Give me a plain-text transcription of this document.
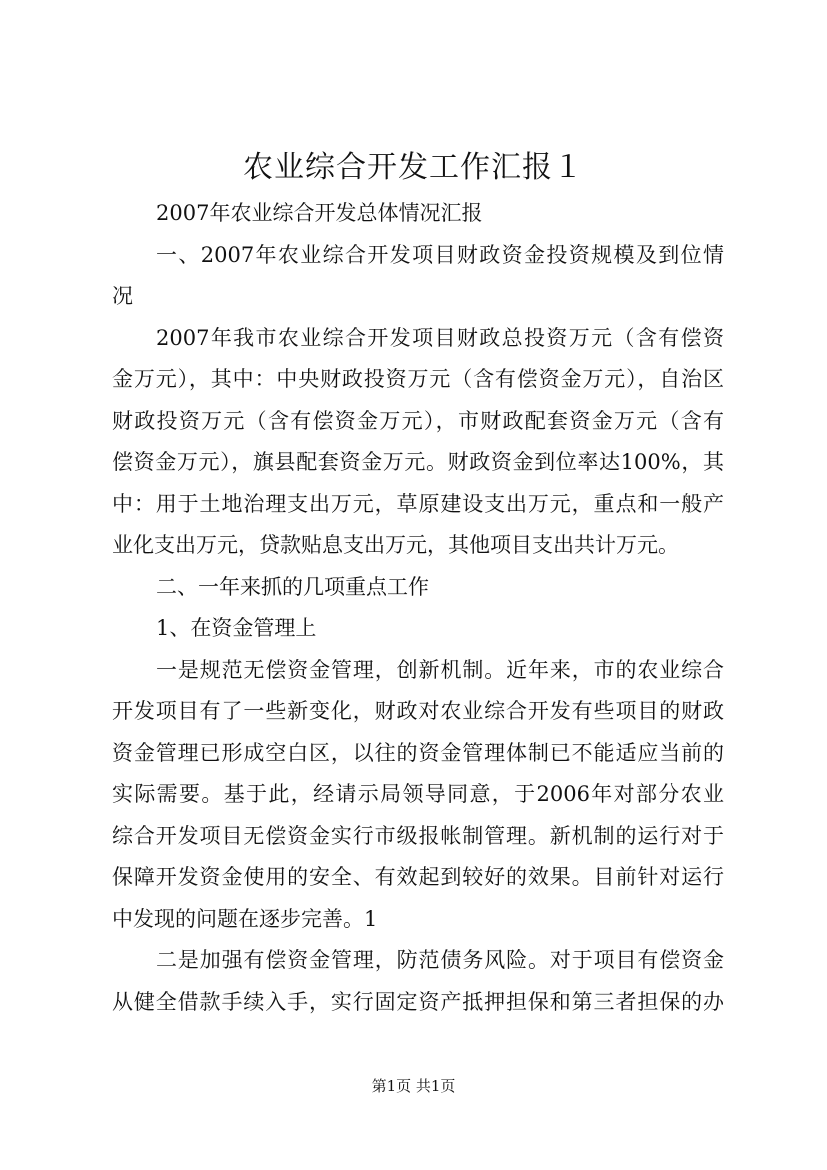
农业综合开发工作汇报１
2007年农业综合开发总体情况汇报
一、2007年农业综合开发项目财政资金投资规模及到位情
况
2007年我市农业综合开发项目财政总投资万元（含有偿资
金万元），其中：中央财政投资万元（含有偿资金万元），自治区
财政投资万元（含有偿资金万元），市财政配套资金万元（含有
偿资金万元），旗县配套资金万元。财政资金到位率达100%，其
中：用于土地治理支出万元，草原建设支出万元，重点和一般产
业化支出万元，贷款贴息支出万元，其他项目支出共计万元。
二、一年来抓的几项重点工作
1、在资金管理上
一是规范无偿资金管理，创新机制。近年来，市的农业综合
开发项目有了一些新变化，财政对农业综合开发有些项目的财政
资金管理已形成空白区，以往的资金管理体制已不能适应当前的
实际需要。基于此，经请示局领导同意，于2006年对部分农业
综合开发项目无偿资金实行市级报帐制管理。新机制的运行对于
保障开发资金使用的安全、有效起到较好的效果。目前针对运行
中发现的问题在逐步完善。1
二是加强有偿资金管理，防范债务风险。对于项目有偿资金
从健全借款手续入手，实行固定资产抵押担保和第三者担保的办
第1页 共1页
